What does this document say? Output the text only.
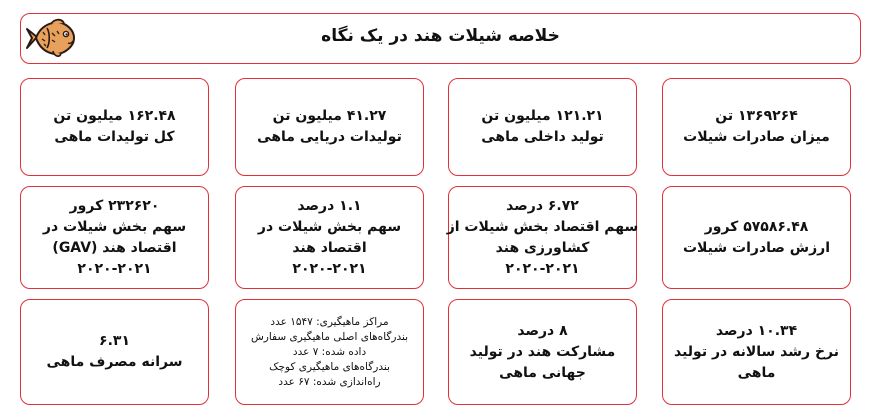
خلاصه شیلات هند در یک نگاه
۱۳۶۹۲۶۴ تن
میزان صادرات شیلات
۱۲۱.۲۱ میلیون تن
تولید داخلی ماهی
۴۱.۲۷ میلیون تن
تولیدات دریایی ماهی
۱۶۲.۴۸ میلیون تن
کل تولیدات ماهی
۵۷۵۸۶.۴۸ کرور
ارزش صادرات شیلات
۶.۷۲ درصد
سهم اقتصاد بخش شیلات از
کشاورزی هند
۲۰۲۰-۲۰۲۱
۱.۱ درصد
سهم بخش شیلات در
اقتصاد هند
۲۰۲۰-۲۰۲۱
۲۳۲۶۲۰ کرور
سهم بخش شیلات در
اقتصاد هند (GAV)
۲۰۲۰-۲۰۲۱
۱۰.۳۴ درصد
نرخ رشد سالانه در تولید
ماهی
۸ درصد
مشارکت هند در تولید
جهانی ماهی
مراکز ماهیگیری: ۱۵۴۷ عدد
بندرگاه‌های اصلی ماهیگیری سفارش
داده شده: ۷ عدد
بندرگاه‌های ماهیگیری کوچک
راه‌اندازی شده: ۶۷ عدد
۶.۳۱
سرانه مصرف ماهی
